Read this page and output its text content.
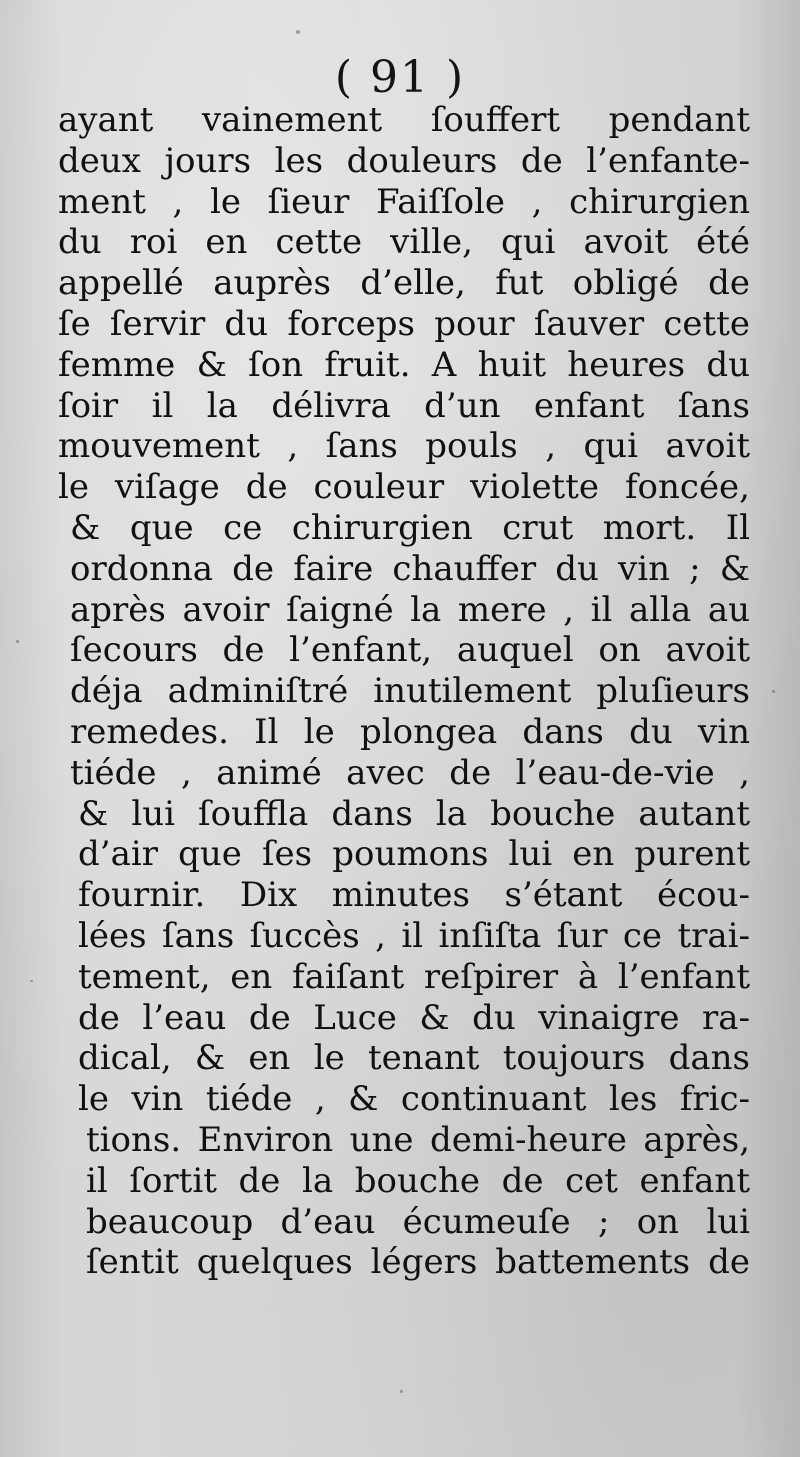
( 91 )
ayant vainement ſouffert pendant
deux jours les douleurs de l’enfante-
ment , le ſieur Faiſſole , chirurgien
du roi en cette ville, qui avoit été
appellé auprès d’elle, fut obligé de
ſe ſervir du forceps pour ſauver cette
femme & ſon fruit. A huit heures du
ſoir il la délivra d’un enfant ſans
mouvement , ſans pouls , qui avoit
le viſage de couleur violette foncée,
& que ce chirurgien crut mort. Il
ordonna de faire chauffer du vin ; &
après avoir ſaigné la mere , il alla au
ſecours de l’enfant, auquel on avoit
déja adminiſtré inutilement pluſieurs
remedes. Il le plongea dans du vin
tiéde , animé avec de l’eau-de-vie ,
& lui ſouffla dans la bouche autant
d’air que ſes poumons lui en purent
fournir. Dix minutes s’étant écou-
lées ſans ſuccès , il inſiſta ſur ce trai-
tement, en faiſant reſpirer à l’enfant
de l’eau de Luce & du vinaigre ra-
dical, & en le tenant toujours dans
le vin tiéde , & continuant les fric-
tions. Environ une demi-heure après,
il ſortit de la bouche de cet enfant
beaucoup d’eau écumeuſe ; on lui
ſentit quelques légers battements de
